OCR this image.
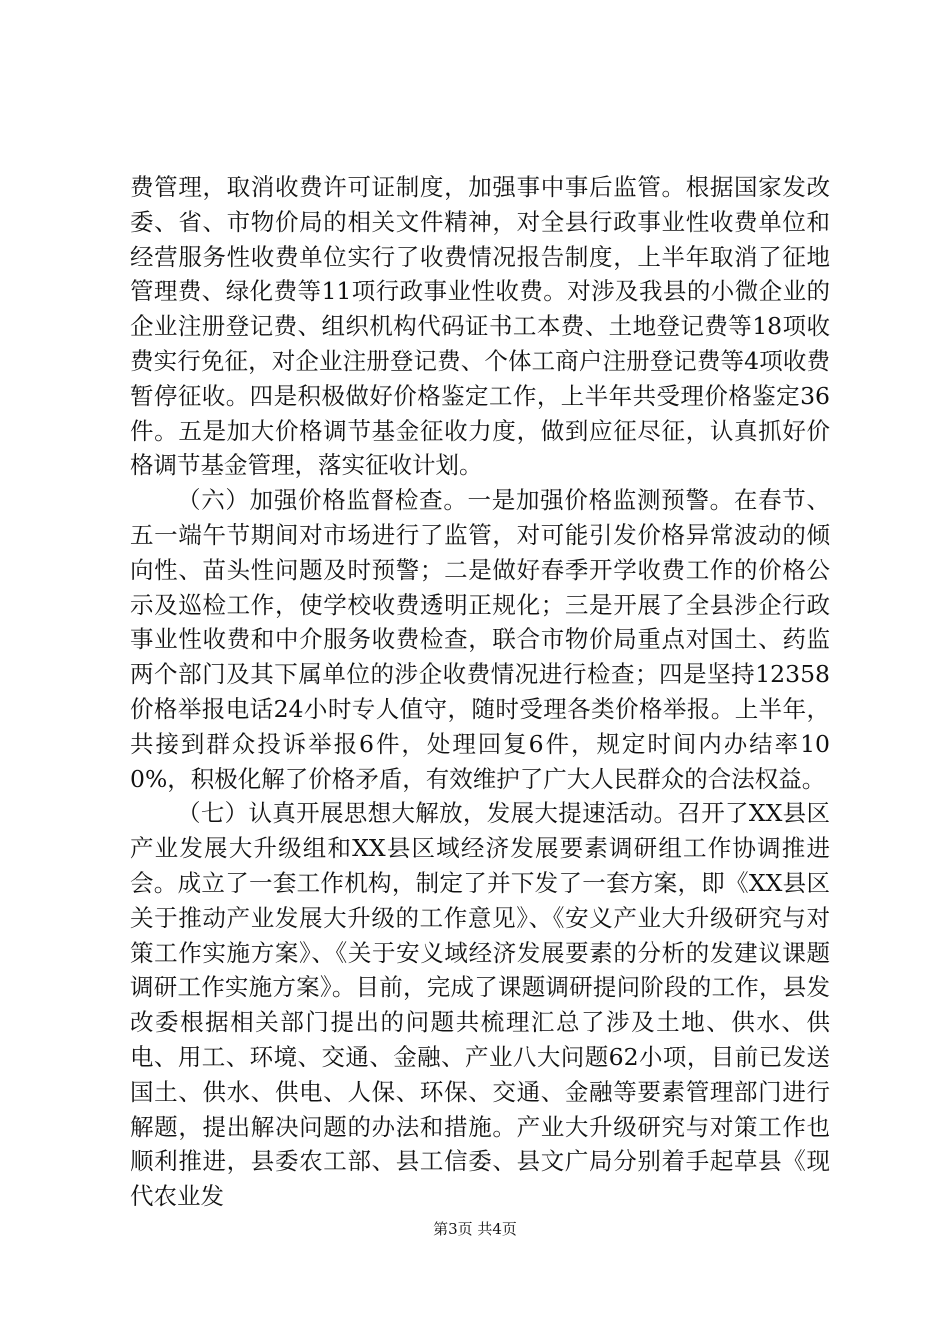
费管理，取消收费许可证制度，加强事中事后监管。根据国家发改委、省、市物价局的相关文件精神，对全县行政事业性收费单位和经营服务性收费单位实行了收费情况报告制度，上半年取消了征地管理费、绿化费等11项行政事业性收费。对涉及我县的小微企业的企业注册登记费、组织机构代码证书工本费、土地登记费等18项收费实行免征，对企业注册登记费、个体工商户注册登记费等4项收费暂停征收。四是积极做好价格鉴定工作，上半年共受理价格鉴定36件。五是加大价格调节基金征收力度，做到应征尽征，认真抓好价格调节基金管理，落实征收计划。

（六）加强价格监督检查。一是加强价格监测预警。在春节、五一端午节期间对市场进行了监管，对可能引发价格异常波动的倾向性、苗头性问题及时预警；二是做好春季开学收费工作的价格公示及巡检工作，使学校收费透明正规化；三是开展了全县涉企行政事业性收费和中介服务收费检查，联合市物价局重点对国土、药监两个部门及其下属单位的涉企收费情况进行检查；四是坚持12358价格举报电话24小时专人值守，随时受理各类价格举报。上半年，共接到群众投诉举报6件，处理回复6件，规定时间内办结率100%，积极化解了价格矛盾，有效维护了广大人民群众的合法权益。

（七）认真开展思想大解放，发展大提速活动。召开了XX县区产业发展大升级组和XX县区域经济发展要素调研组工作协调推进会。成立了一套工作机构，制定了并下发了一套方案，即《XX县区关于推动产业发展大升级的工作意见》、《安义产业大升级研究与对策工作实施方案》、《关于安义域经济发展要素的分析的发建议课题调研工作实施方案》。目前，完成了课题调研提问阶段的工作，县发改委根据相关部门提出的问题共梳理汇总了涉及土地、供水、供电、用工、环境、交通、金融、产业八大问题62小项，目前已发送国土、供水、供电、人保、环保、交通、金融等要素管理部门进行解题，提出解决问题的办法和措施。产业大升级研究与对策工作也顺利推进，县委农工部、县工信委、县文广局分别着手起草县《现代农业发

第3页 共4页
